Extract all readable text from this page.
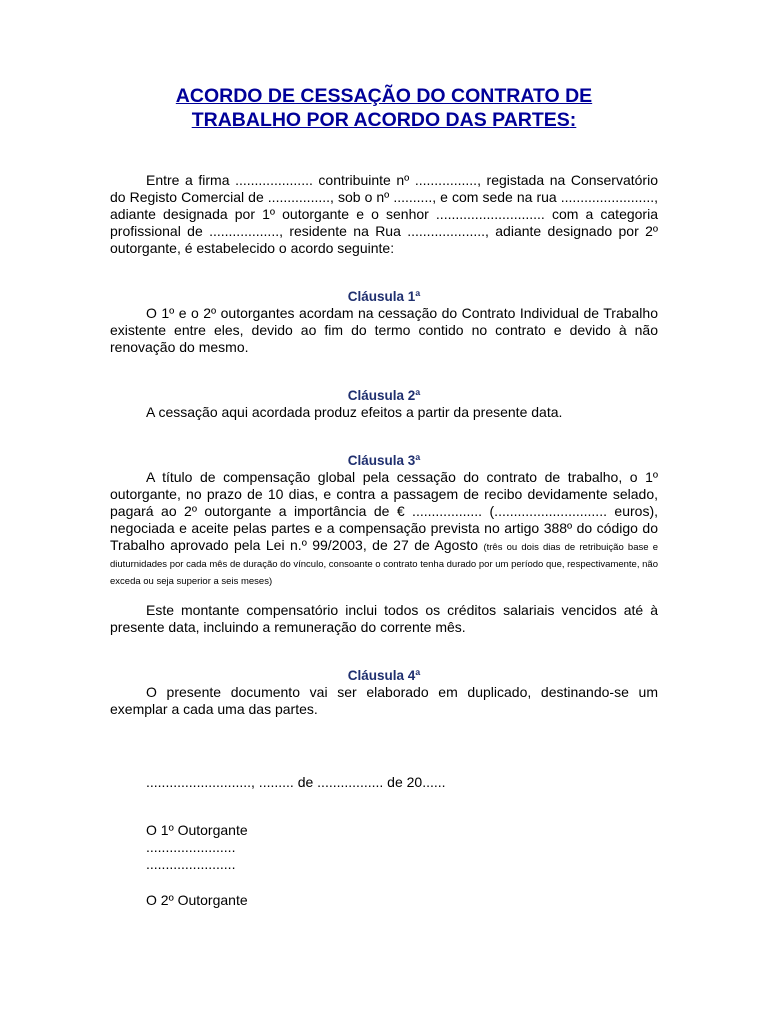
ACORDO DE CESSAÇÃO DO CONTRATO DE
TRABALHO POR ACORDO DAS PARTES:

Entre a firma .................... contribuinte nº ................, registada na Conservatório do Registo Comercial de ................, sob o nº .........., e com sede na rua ........................, adiante designada por 1º outorgante e o senhor ............................ com a categoria profissional de .................., residente na Rua ...................., adiante designado por 2º outorgante, é estabelecido o acordo seguinte:

Cláusula 1ª

O 1º e o 2º outorgantes acordam na cessação do Contrato Individual de Trabalho existente entre eles, devido ao fim do termo contido no contrato e devido à não renovação do mesmo.

Cláusula 2ª

A cessação aqui acordada produz efeitos a partir da presente data.

Cláusula 3ª

A título de compensação global pela cessação do contrato de trabalho, o 1º outorgante, no prazo de 10 dias, e contra a passagem de recibo devidamente selado, pagará ao 2º outorgante a importância de € .................. (............................. euros), negociada e aceite pelas partes e a compensação prevista no artigo 388º do código do Trabalho aprovado pela Lei n.º 99/2003, de 27 de Agosto (três ou dois dias de retribuição base e diuturnidades por cada mês de duração do vínculo, consoante o contrato tenha durado por um período que, respectivamente, não exceda ou seja superior a seis meses)

Este montante compensatório inclui todos os créditos salariais vencidos até à presente data, incluindo a remuneração do corrente mês.

Cláusula 4ª

O presente documento vai ser elaborado em duplicado, destinando-se um exemplar a cada uma das partes.

..........................., ......... de ................. de 20......

O 1º Outorgante

.......................

.......................

O 2º Outorgante
